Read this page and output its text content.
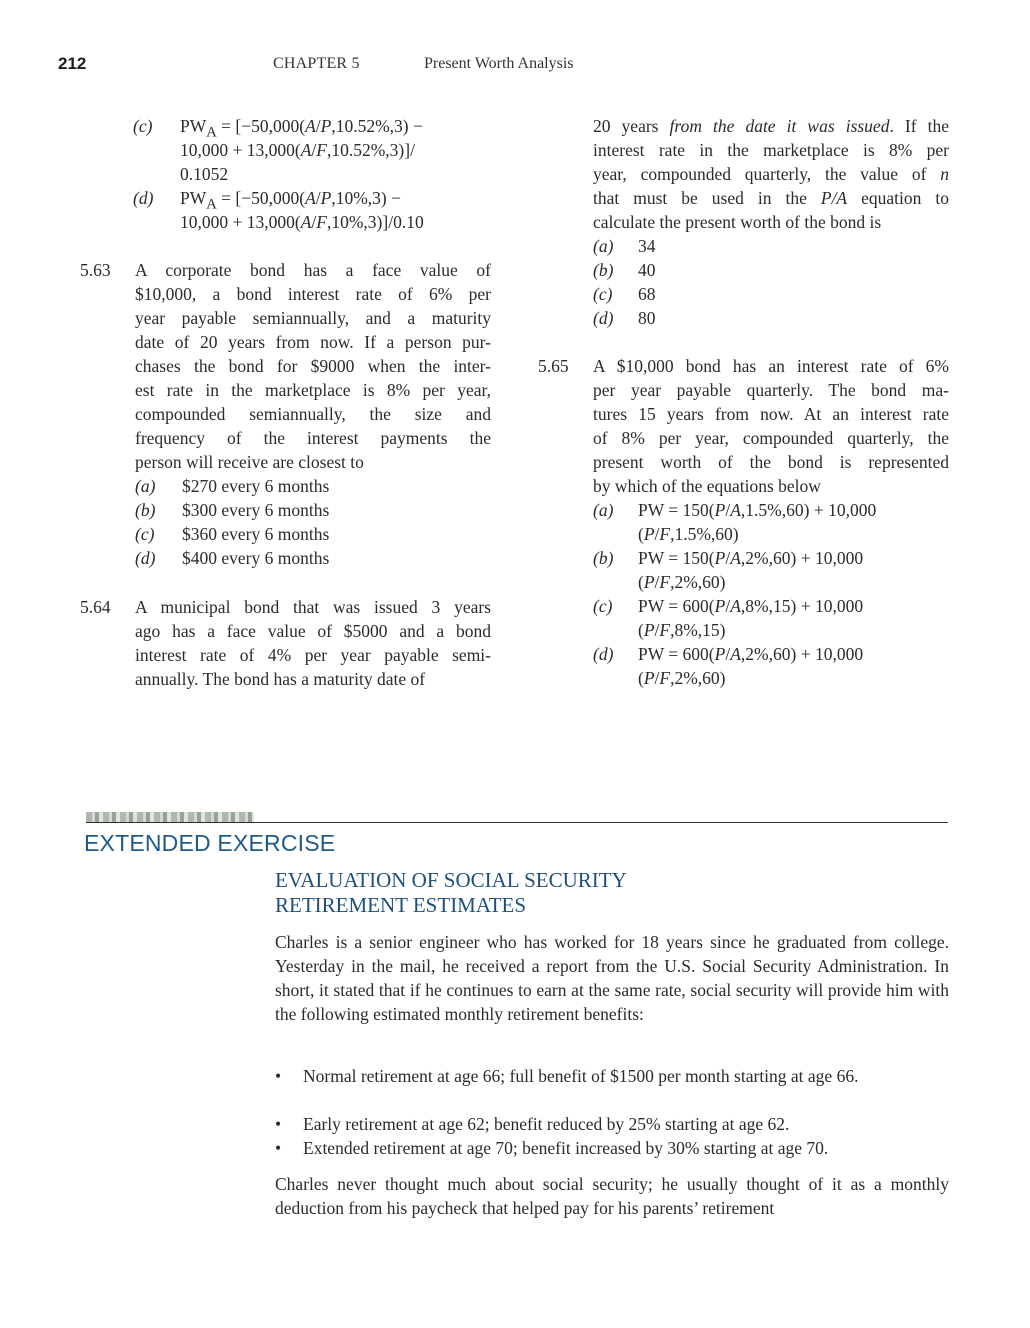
212	CHAPTER 5	Present Worth Analysis
(c) $PW_A = [-50,000(A/P,10.52\%,3)$ −
10,000 + 13,000(A/F,10.52%,3)]/
0.1052
(d) $PW_A = [-50,000(A/P,10\%,3)$ −
10,000 + 13,000(A/F,10%,3)]/0.10
5.63 A corporate bond has a face value of
$10,000, a bond interest rate of 6% per
year payable semiannually, and a maturity
date of 20 years from now. If a person pur-
chases the bond for $9000 when the inter-
est rate in the marketplace is 8% per year,
compounded semiannually, the size and
frequency of the interest payments the
person will receive are closest to
(a) $270 every 6 months
(b) $300 every 6 months
(c) $360 every 6 months
(d) $400 every 6 months
5.64 A municipal bond that was issued 3 years
ago has a face value of $5000 and a bond
interest rate of 4% per year payable semi-
annually. The bond has a maturity date of
20 years from the date it was issued. If the
interest rate in the marketplace is 8% per
year, compounded quarterly, the value of n
that must be used in the P/A equation to
calculate the present worth of the bond is
(a) 34
(b) 40
(c) 68
(d) 80
5.65 A $10,000 bond has an interest rate of 6%
per year payable quarterly. The bond ma-
tures 15 years from now. At an interest rate
of 8% per year, compounded quarterly, the
present worth of the bond is represented
by which of the equations below
(a) PW = 150(P/A,1.5%,60) + 10,000
(P/F,1.5%,60)
(b) PW = 150(P/A,2%,60) + 10,000
(P/F,2%,60)
(c) PW = 600(P/A,8%,15) + 10,000
(P/F,8%,15)
(d) PW = 600(P/A,2%,60) + 10,000
(P/F,2%,60)
EXTENDED EXERCISE
EVALUATION OF SOCIAL SECURITY
RETIREMENT ESTIMATES
Charles is a senior engineer who has worked for 18 years since he graduated from college. Yesterday in the mail, he received a report from the U.S. Social Security Administration. In short, it stated that if he continues to earn at the same rate, social security will provide him with the following estimated monthly retirement benefits:
• Normal retirement at age 66; full benefit of $1500 per month starting at age 66.
• Early retirement at age 62; benefit reduced by 25% starting at age 62.
• Extended retirement at age 70; benefit increased by 30% starting at age 70.
Charles never thought much about social security; he usually thought of it as a monthly deduction from his paycheck that helped pay for his parents’ retirement
